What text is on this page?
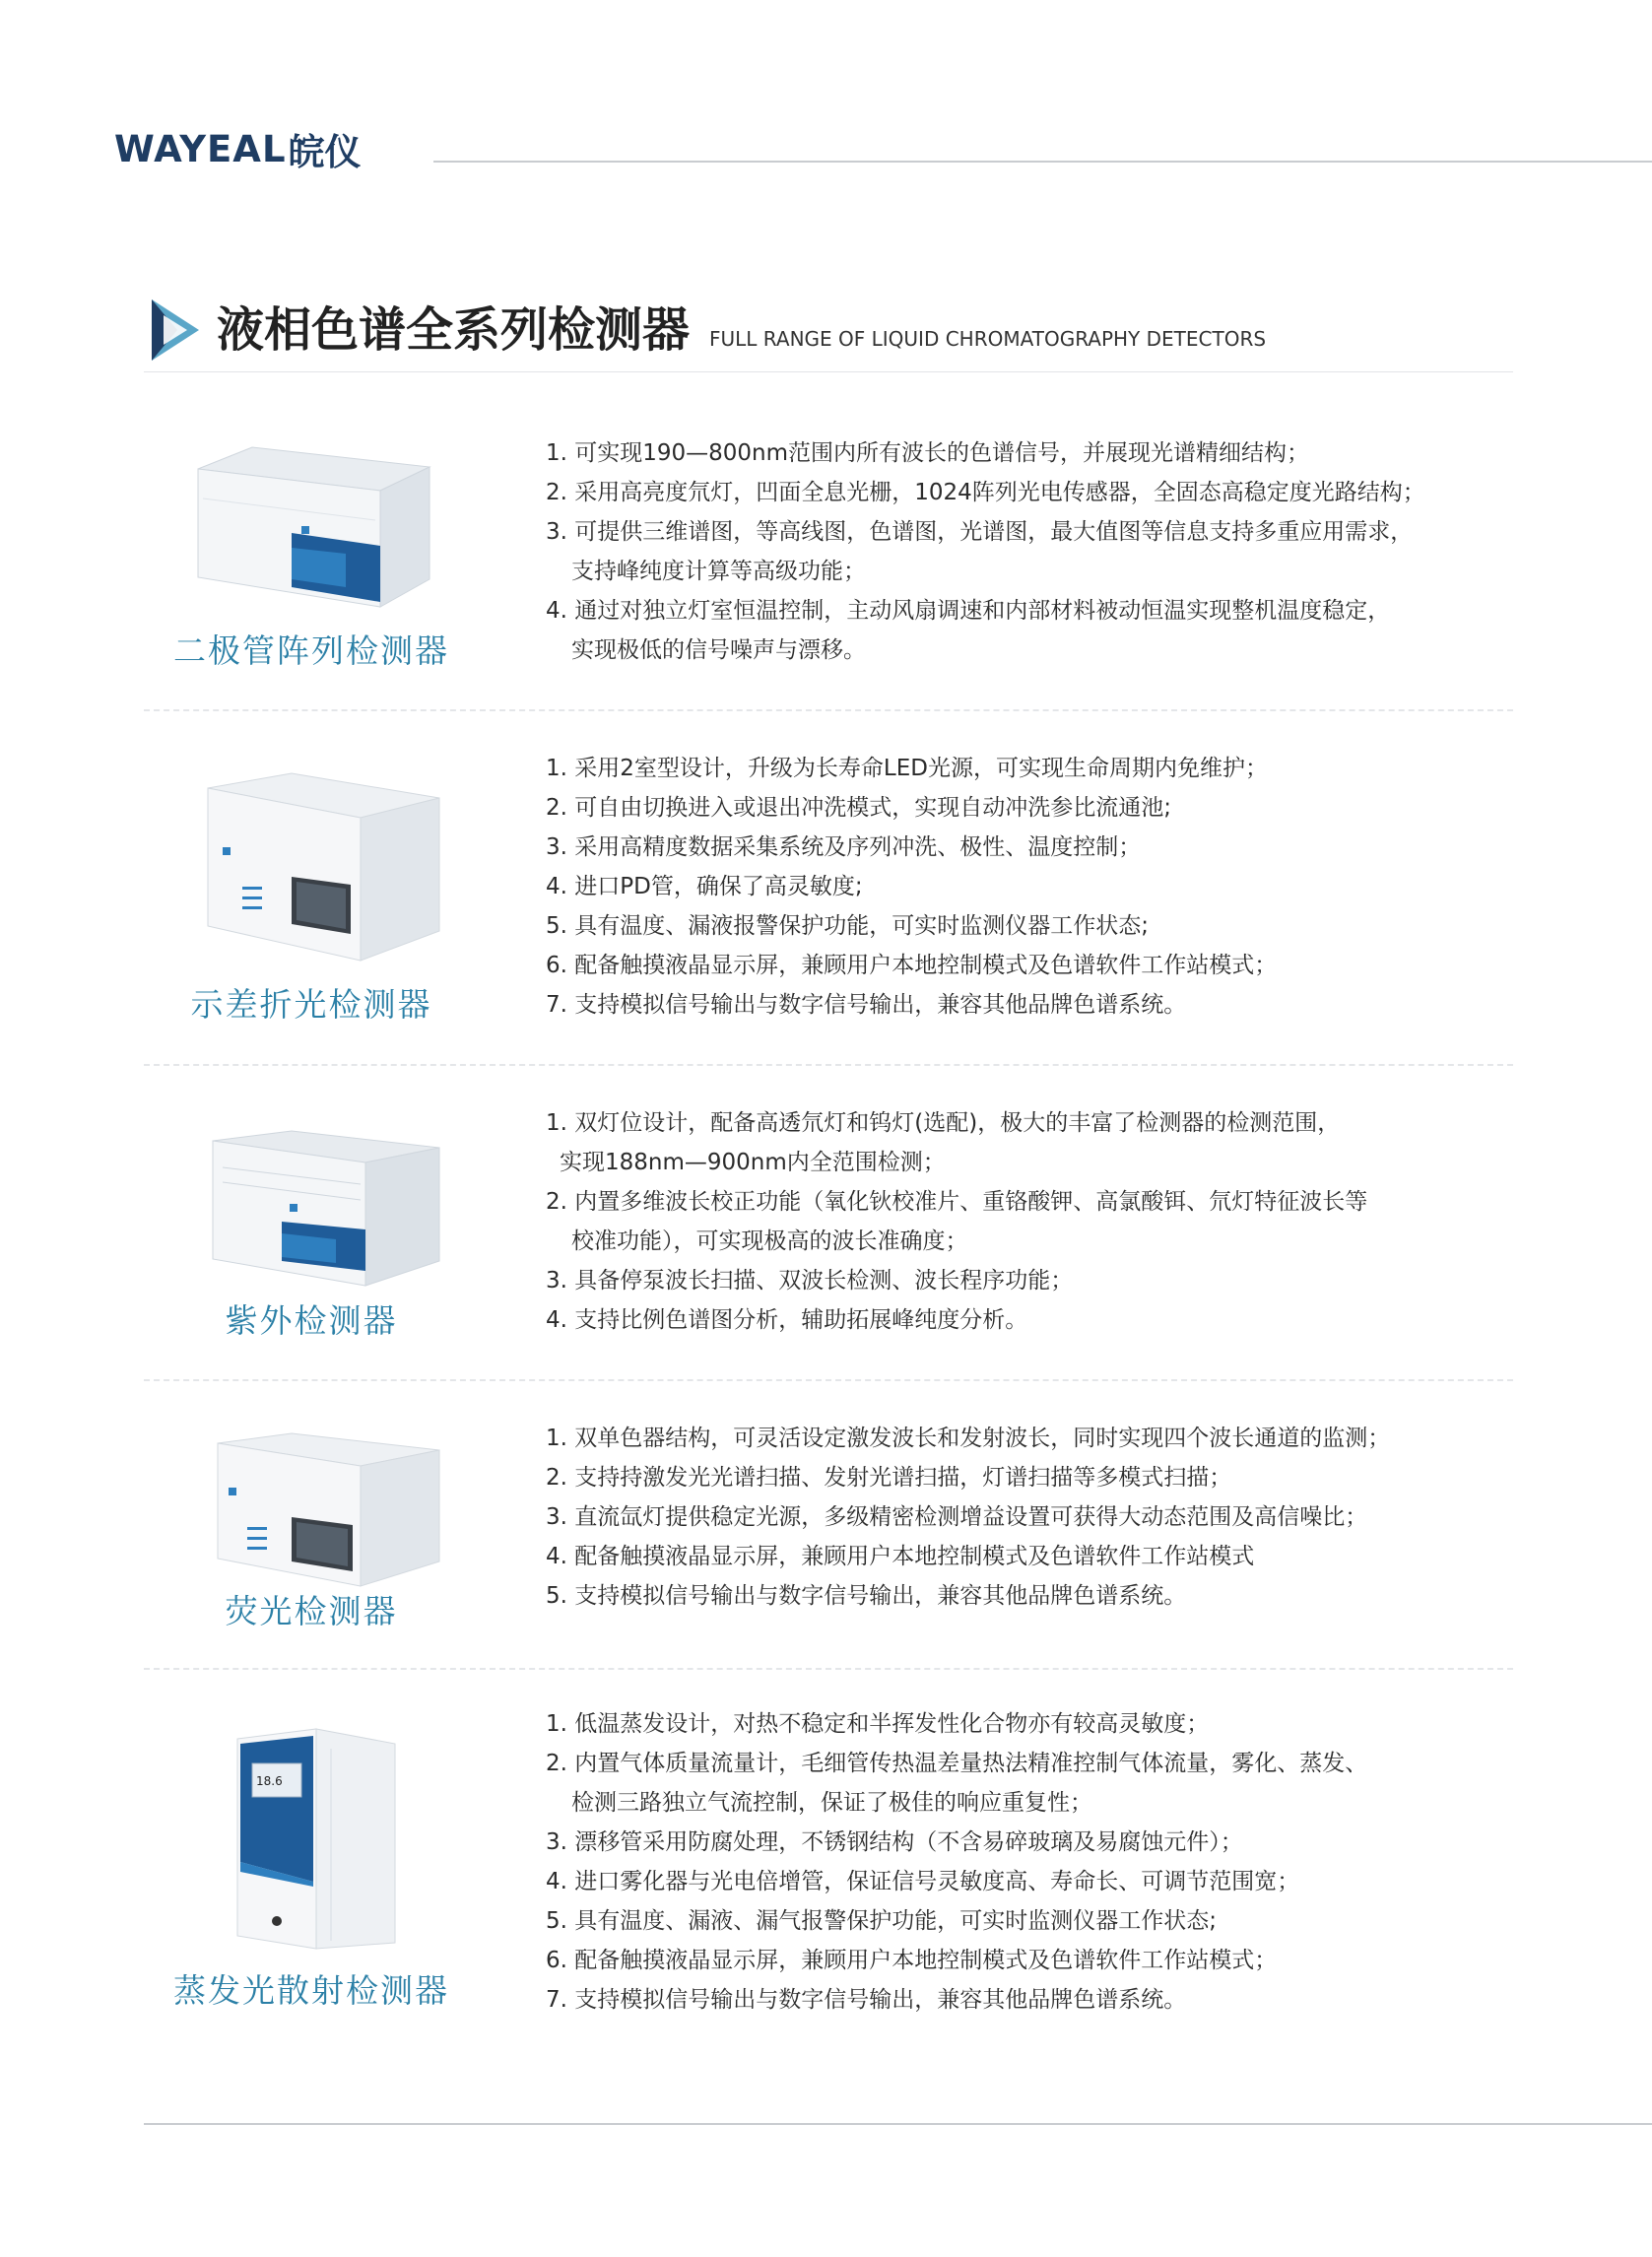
WAYEAL 皖仪
液相色谱全系列检测器 FULL RANGE OF LIQUID CHROMATOGRAPHY DETECTORS
二极管阵列检测器
1. 可实现190—800nm范围内所有波长的色谱信号，并展现光谱精细结构；
2. 采用高亮度氘灯，凹面全息光栅，1024阵列光电传感器，全固态高稳定度光路结构；
3. 可提供三维谱图，等高线图，色谱图，光谱图，最大值图等信息支持多重应用需求，
支持峰纯度计算等高级功能；
4. 通过对独立灯室恒温控制，主动风扇调速和内部材料被动恒温实现整机温度稳定，
实现极低的信号噪声与漂移。
示差折光检测器
1. 采用2室型设计，升级为长寿命LED光源，可实现生命周期内免维护；
2. 可自由切换进入或退出冲洗模式，实现自动冲洗参比流通池;
3. 采用高精度数据采集系统及序列冲洗、极性、温度控制；
4. 进口PD管，确保了高灵敏度;
5. 具有温度、漏液报警保护功能，可实时监测仪器工作状态;
6. 配备触摸液晶显示屏，兼顾用户本地控制模式及色谱软件工作站模式；
7. 支持模拟信号输出与数字信号输出，兼容其他品牌色谱系统。
紫外检测器
1. 双灯位设计，配备高透氘灯和钨灯(选配)，极大的丰富了检测器的检测范围，
实现188nm—900nm内全范围检测；
2. 内置多维波长校正功能（氧化钬校准片、重铬酸钾、高氯酸铒、氘灯特征波长等
校准功能），可实现极高的波长准确度；
3. 具备停泵波长扫描、双波长检测、波长程序功能；
4. 支持比例色谱图分析，辅助拓展峰纯度分析。
荧光检测器
1. 双单色器结构，可灵活设定激发波长和发射波长，同时实现四个波长通道的监测；
2. 支持持激发光光谱扫描、发射光谱扫描，灯谱扫描等多模式扫描；
3. 直流氙灯提供稳定光源，多级精密检测增益设置可获得大动态范围及高信噪比；
4. 配备触摸液晶显示屏，兼顾用户本地控制模式及色谱软件工作站模式
5. 支持模拟信号输出与数字信号输出，兼容其他品牌色谱系统。
18.6
蒸发光散射检测器
1. 低温蒸发设计，对热不稳定和半挥发性化合物亦有较高灵敏度；
2. 内置气体质量流量计，毛细管传热温差量热法精准控制气体流量，雾化、蒸发、
检测三路独立气流控制，保证了极佳的响应重复性；
3. 漂移管采用防腐处理，不锈钢结构（不含易碎玻璃及易腐蚀元件）；
4. 进口雾化器与光电倍增管，保证信号灵敏度高、寿命长、可调节范围宽；
5. 具有温度、漏液、漏气报警保护功能，可实时监测仪器工作状态;
6. 配备触摸液晶显示屏，兼顾用户本地控制模式及色谱软件工作站模式；
7. 支持模拟信号输出与数字信号输出，兼容其他品牌色谱系统。
